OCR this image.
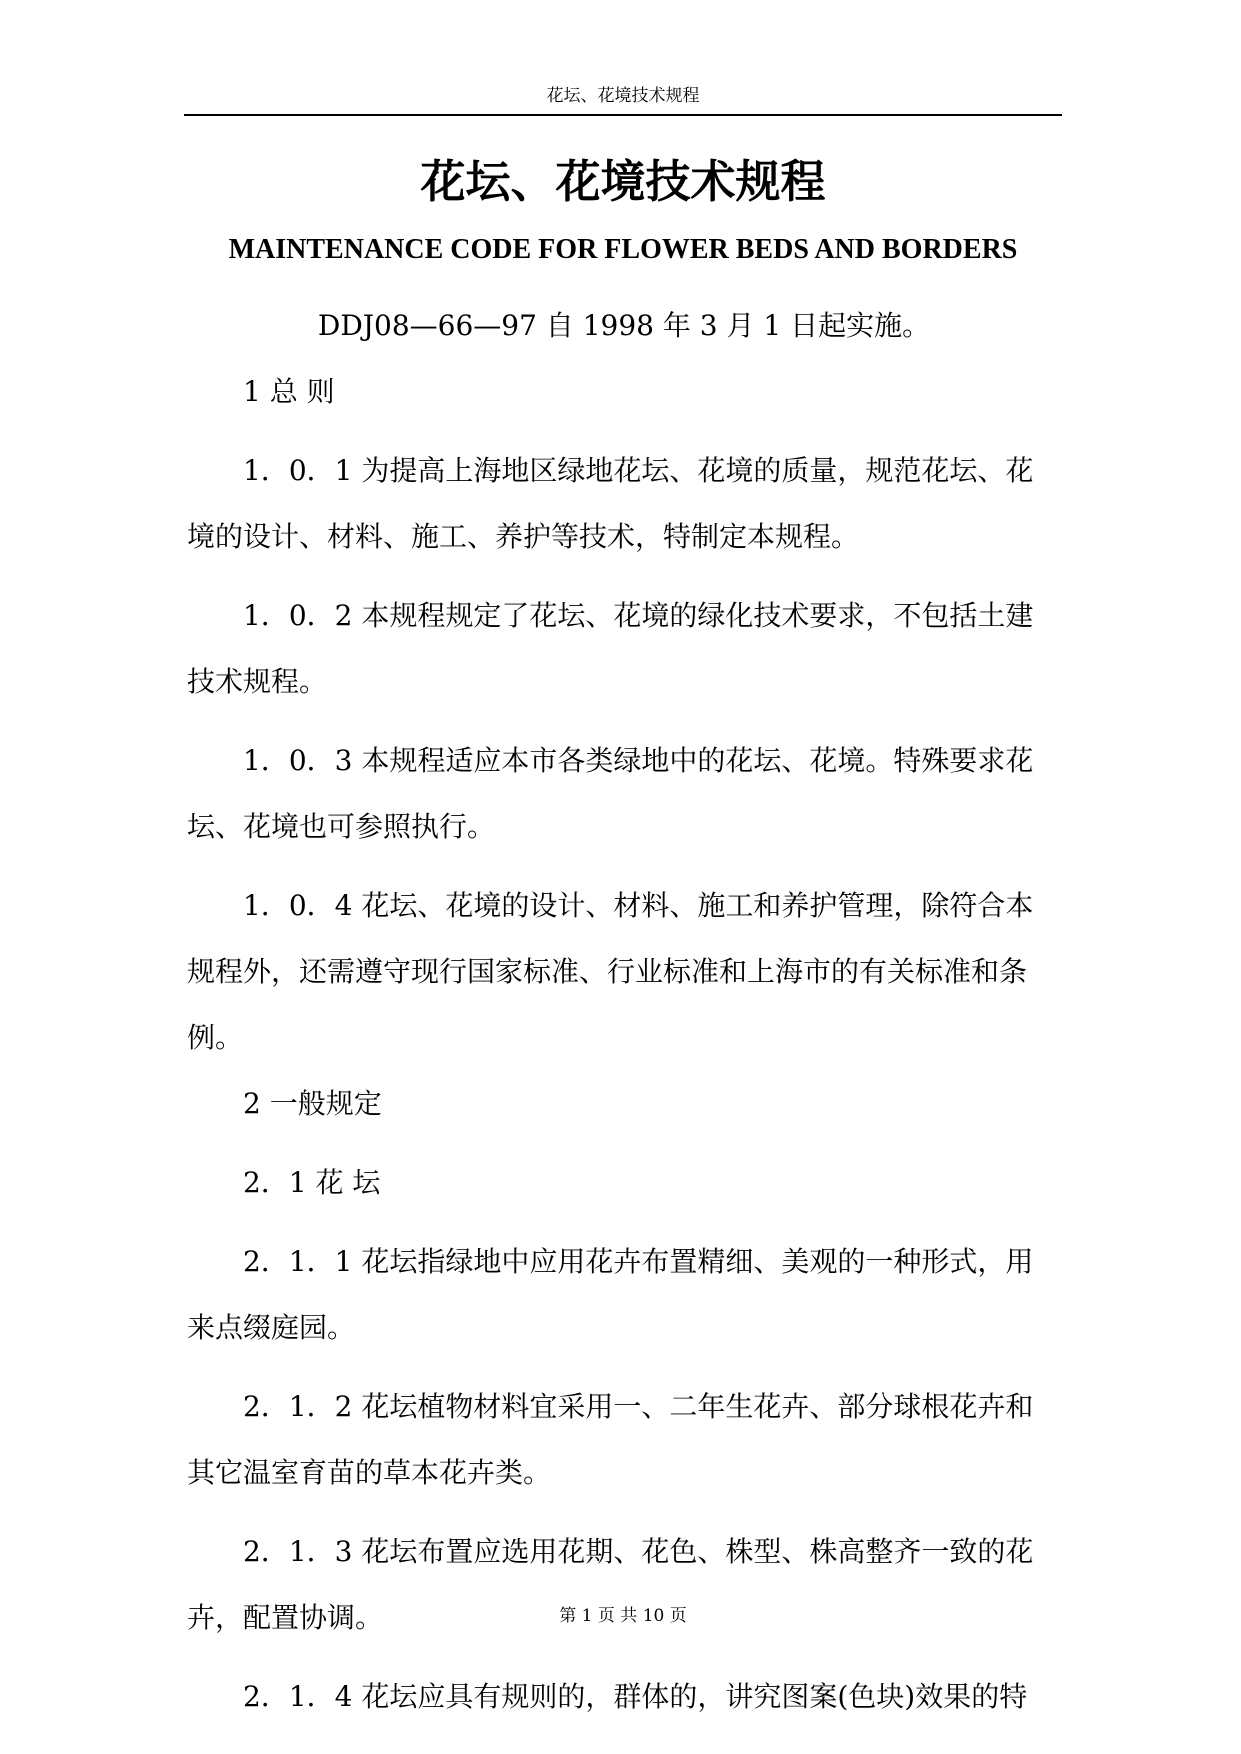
花坛、花境技术规程
花坛、花境技术规程
MAINTENANCE CODE FOR FLOWER BEDS AND BORDERS

DDJ08—66—97 自 1998 年 3 月 1 日起实施。

1 总 则

1．0．1 为提高上海地区绿地花坛、花境的质量，规范花坛、花境的设计、材料、施工、养护等技术，特制定本规程。

1．0．2 本规程规定了花坛、花境的绿化技术要求，不包括土建技术规程。

1．0．3 本规程适应本市各类绿地中的花坛、花境。特殊要求花坛、花境也可参照执行。

1．0．4 花坛、花境的设计、材料、施工和养护管理，除符合本规程外，还需遵守现行国家标准、行业标准和上海市的有关标准和条例。

2 一般规定

2．1 花 坛

2．1．1 花坛指绿地中应用花卉布置精细、美观的一种形式，用来点缀庭园。

2．1．2 花坛植物材料宜采用一、二年生花卉、部分球根花卉和其它温室育苗的草本花卉类。

2．1．3 花坛布置应选用花期、花色、株型、株高整齐一致的花卉，配置协调。

2．1．4 花坛应具有规则的，群体的，讲究图案(色块)效果的特

第 1 页 共 10 页
